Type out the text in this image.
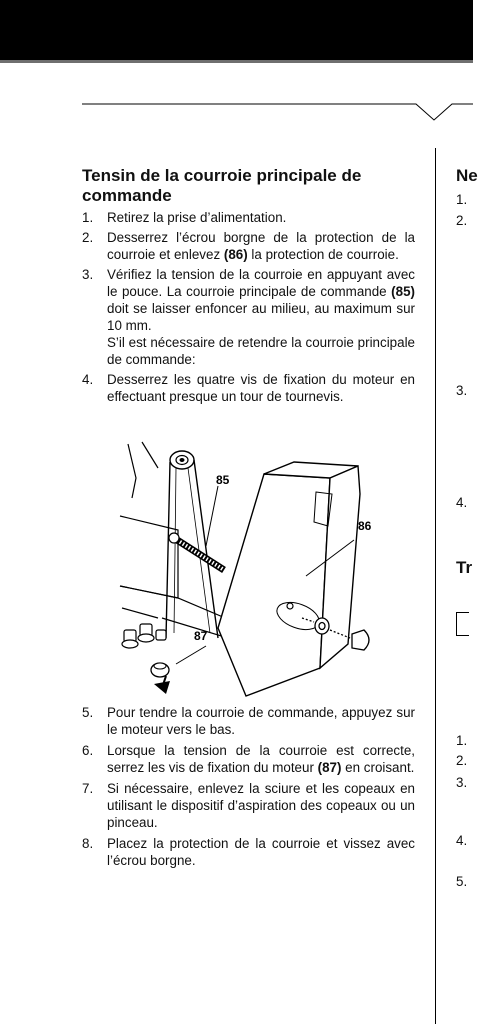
Tensin de la courroie principale de commande
1. Retirez la prise d’alimentation.
2. Desserrez l’écrou borgne de la protection de la courroie et enlevez (86) la protection de courroie.
3. Vérifiez la tension de la courroie en appuyant avec le pouce. La courroie principale de commande (85) doit se laisser enfoncer au milieu, au maximum sur 10 mm.
S’il est nécessaire de retendre la courroie principale de commande:
4. Desserrez les quatre vis de fixation du moteur en effectuant presque un tour de tournevis.
85
86
87
5. Pour tendre la courroie de commande, appuyez sur le moteur vers le bas.
6. Lorsque la tension de la courroie est correcte, serrez les vis de fixation du moteur (87) en croisant.
7. Si nécessaire, enlevez la sciure et les copeaux en utilisant le dispositif d’aspiration des copeaux ou un pinceau.
8. Placez la protection de la courroie et vissez avec l’écrou borgne.
Ne
1.
2.
3.
4.
Tr
1.
2.
3.
4.
5.
